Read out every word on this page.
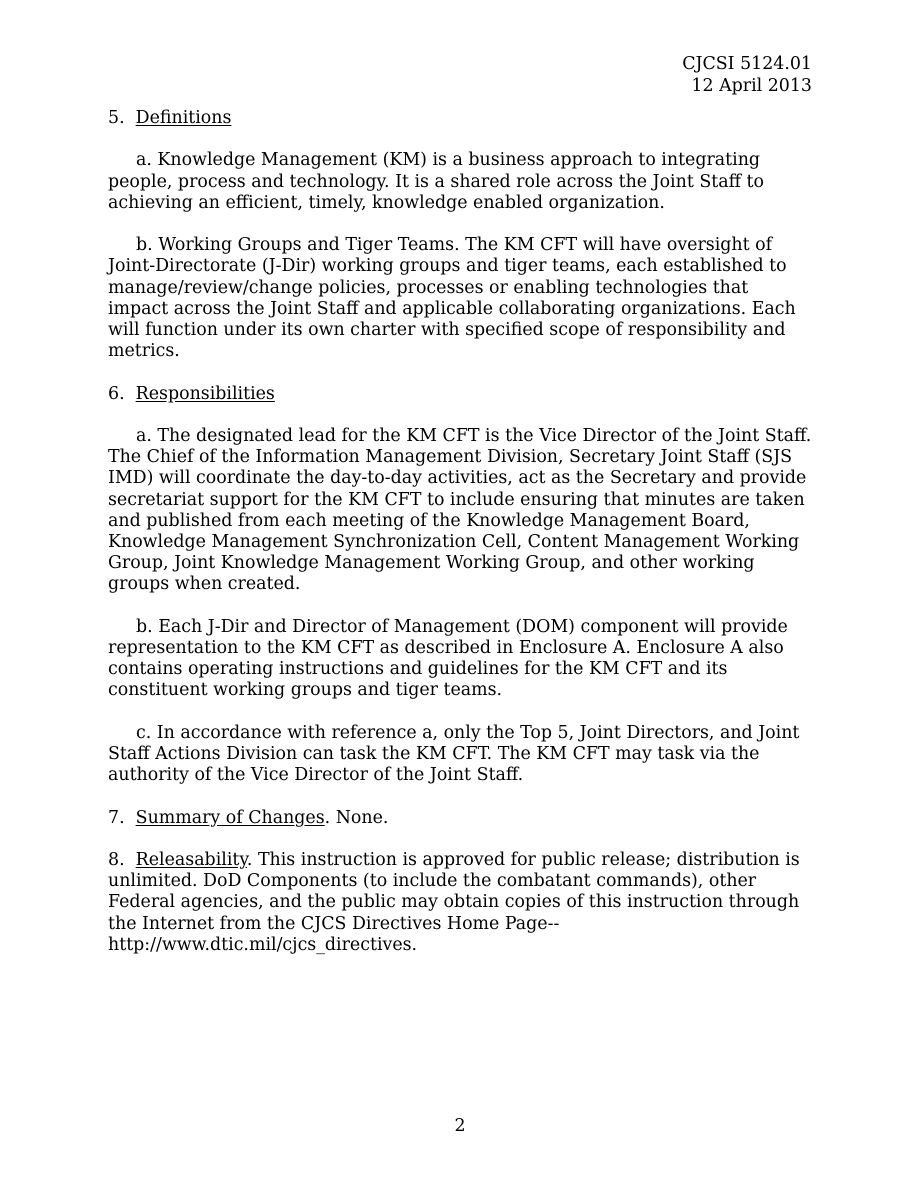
CJCSI 5124.01
12 April 2013

5. Definitions

a. Knowledge Management (KM) is a business approach to integrating people, process and technology. It is a shared role across the Joint Staff to achieving an efficient, timely, knowledge enabled organization.

b. Working Groups and Tiger Teams. The KM CFT will have oversight of Joint-Directorate (J-Dir) working groups and tiger teams, each established to manage/review/change policies, processes or enabling technologies that impact across the Joint Staff and applicable collaborating organizations. Each will function under its own charter with specified scope of responsibility and metrics.

6. Responsibilities

a. The designated lead for the KM CFT is the Vice Director of the Joint Staff. The Chief of the Information Management Division, Secretary Joint Staff (SJS IMD) will coordinate the day-to-day activities, act as the Secretary and provide secretariat support for the KM CFT to include ensuring that minutes are taken and published from each meeting of the Knowledge Management Board, Knowledge Management Synchronization Cell, Content Management Working Group, Joint Knowledge Management Working Group, and other working groups when created.

b. Each J-Dir and Director of Management (DOM) component will provide representation to the KM CFT as described in Enclosure A. Enclosure A also contains operating instructions and guidelines for the KM CFT and its constituent working groups and tiger teams.

c. In accordance with reference a, only the Top 5, Joint Directors, and Joint Staff Actions Division can task the KM CFT. The KM CFT may task via the authority of the Vice Director of the Joint Staff.

7. Summary of Changes. None.

8. Releasability. This instruction is approved for public release; distribution is unlimited. DoD Components (to include the combatant commands), other Federal agencies, and the public may obtain copies of this instruction through the Internet from the CJCS Directives Home Page--
http://www.dtic.mil/cjcs_directives.

2
